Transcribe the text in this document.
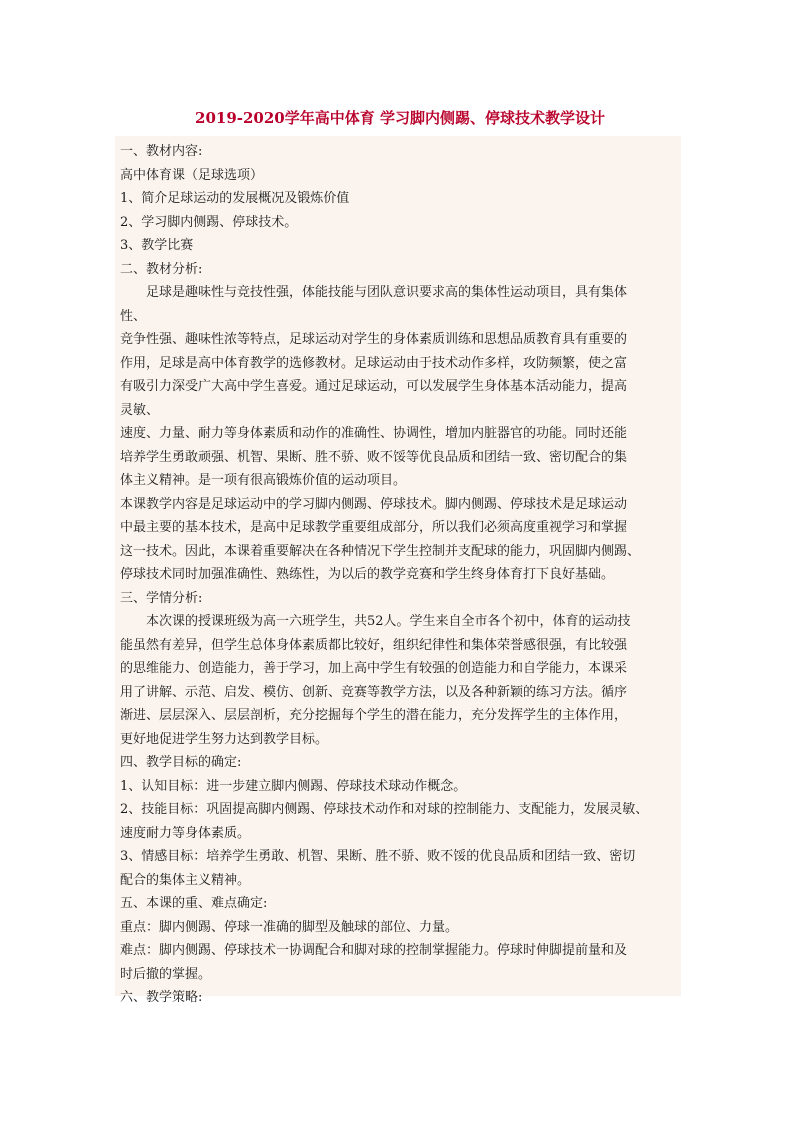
2019-2020学年高中体育 学习脚内侧踢、停球技术教学设计
一、教材内容:
高中体育课（足球选项）
1、简介足球运动的发展概况及锻炼价值
2、学习脚内侧踢、停球技术。
3、教学比赛
二、教材分析:
足球是趣味性与竞技性强，体能技能与团队意识要求高的集体性运动项目，具有集体
性、
竞争性强、趣味性浓等特点，足球运动对学生的身体素质训练和思想品质教育具有重要的
作用，足球是高中体育教学的选修教材。足球运动由于技术动作多样，攻防频繁，使之富
有吸引力深受广大高中学生喜爱。通过足球运动，可以发展学生身体基本活动能力，提高
灵敏、
速度、力量、耐力等身体素质和动作的准确性、协调性，增加内脏器官的功能。同时还能
培养学生勇敢顽强、机智、果断、胜不骄、败不馁等优良品质和团结一致、密切配合的集
体主义精神。是一项有很高锻炼价值的运动项目。
本课教学内容是足球运动中的学习脚内侧踢、停球技术。脚内侧踢、停球技术是足球运动
中最主要的基本技术，是高中足球教学重要组成部分，所以我们必须高度重视学习和掌握
这一技术。因此，本课着重要解决在各种情况下学生控制并支配球的能力，巩固脚内侧踢、
停球技术同时加强准确性、熟练性，为以后的教学竞赛和学生终身体育打下良好基础。
三、学情分析:
本次课的授课班级为高一六班学生，共52人。学生来自全市各个初中，体育的运动技
能虽然有差异，但学生总体身体素质都比较好，组织纪律性和集体荣誉感很强，有比较强
的思维能力、创造能力，善于学习，加上高中学生有较强的创造能力和自学能力，本课采
用了讲解、示范、启发、模仿、创新、竞赛等教学方法，以及各种新颖的练习方法。循序
渐进、层层深入、层层剖析，充分挖掘每个学生的潜在能力，充分发挥学生的主体作用，
更好地促进学生努力达到教学目标。
四、教学目标的确定:
1、认知目标：进一步建立脚内侧踢、停球技术球动作概念。
2、技能目标：巩固提高脚内侧踢、停球技术动作和对球的控制能力、支配能力，发展灵敏、
速度耐力等身体素质。
3、情感目标：培养学生勇敢、机智、果断、胜不骄、败不馁的优良品质和团结一致、密切
配合的集体主义精神。
五、本课的重、难点确定:
重点：脚内侧踢、停球一准确的脚型及触球的部位、力量。
难点：脚内侧踢、停球技术一协调配合和脚对球的控制掌握能力。停球时伸脚提前量和及
时后撤的掌握。
六、教学策略:
